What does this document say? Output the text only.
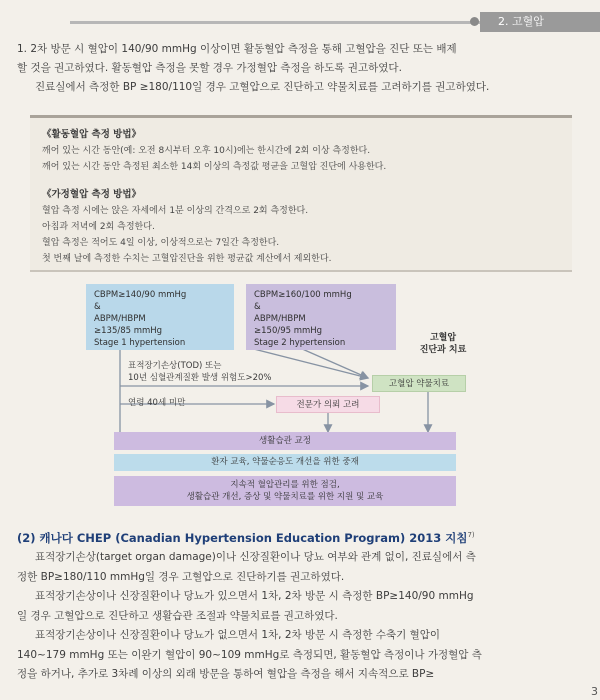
2. 고혈압
1. 2차 방문 시 혈압이 140/90 mmHg 이상이면 활동혈압 측정을 통해 고혈압을 진단 또는 배제
할 것을 권고하였다. 활동혈압 측정을 못할 경우 가정혈압 측정을 하도록 권고하였다.
진료실에서 측정한 BP ≥180/110일 경우 고혈압으로 진단하고 약물치료를 고려하기를 권고하였다.
《활동혈압 측정 방법》
깨어 있는 시간 동안(예: 오전 8시부터 오후 10시)에는 한시간에 2회 이상 측정한다.
깨어 있는 시간 동안 측정된 최소한 14회 이상의 측정값 평균을 고혈압 진단에 사용한다.
《가정혈압 측정 방법》
혈압 측정 시에는 앉은 자세에서 1분 이상의 간격으로 2회 측정한다.
아침과 저녁에 2회 측정한다.
혈압 측정은 적어도 4일 이상, 이상적으로는 7일간 측정한다.
첫 번째 날에 측정한 수치는 고혈압진단을 위한 평균값 계산에서 제외한다.
CBPM≥140/90 mmHg
&
ABPM/HBPM
≥135/85 mmHg
Stage 1 hypertension
CBPM≥160/100 mmHg
&
ABPM/HBPM
≥150/95 mmHg
Stage 2 hypertension	고혈압
진단과 치료
표적장기손상(TOD) 또는
10년 심혈관계질환 발생 위험도>20%
연령 40세 미만
고혈압 약물치료
전문가 의뢰 고려
생활습관 교정
환자 교육, 약물순응도 개선을 위한 중재
지속적 혈압관리를 위한 점검,
생활습관 개선, 증상 및 약물치료를 위한 지원 및 교육
(2) 캐나다 CHEP (Canadian Hypertension Education Program) 2013 지침$^{7)}$
표적장기손상(target organ damage)이나 신장질환이나 당뇨 여부와 관계 없이, 진료실에서 측
정한 BP≥180/110 mmHg일 경우 고혈압으로 진단하기를 권고하였다.
표적장기손상이나 신장질환이나 당뇨가 있으면서 1차, 2차 방문 시 측정한 BP≥140/90 mmHg
일 경우 고혈압으로 진단하고 생활습관 조절과 약물치료를 권고하였다.
표적장기손상이나 신장질환이나 당뇨가 없으면서 1차, 2차 방문 시 측정한 수축기 혈압이
140~179 mmHg 또는 이완기 혈압이 90~109 mmHg로 측정되면, 활동혈압 측정이나 가정혈압 측
정을 하거나, 추가로 3차례 이상의 외래 방문을 통하여 혈압을 측정을 해서 지속적으로 BP≥
3
